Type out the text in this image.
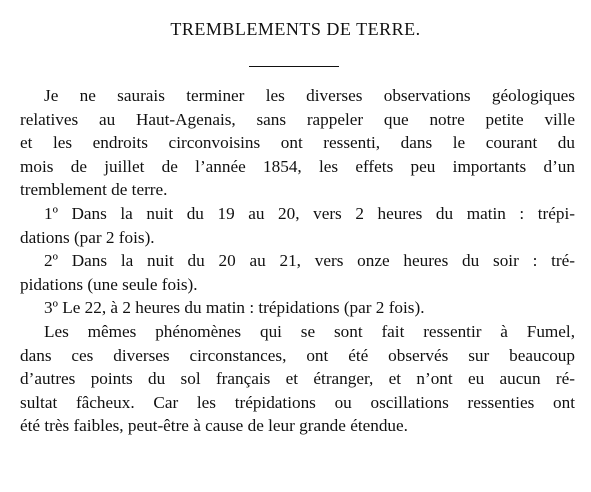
TREMBLEMENTS DE TERRE.
Je ne saurais terminer les diverses observations géologiques
relatives au Haut-Agenais, sans rappeler que notre petite ville
et les endroits circonvoisins ont ressenti, dans le courant du
mois de juillet de l’année 1854, les effets peu importants d’un
tremblement de terre.
1º Dans la nuit du 19 au 20, vers 2 heures du matin : trépi-
dations (par 2 fois).
2º Dans la nuit du 20 au 21, vers onze heures du soir : tré-
pidations (une seule fois).
3º Le 22, à 2 heures du matin : trépidations (par 2 fois).
Les mêmes phénomènes qui se sont fait ressentir à Fumel,
dans ces diverses circonstances, ont été observés sur beaucoup
d’autres points du sol français et étranger, et n’ont eu aucun ré-
sultat fâcheux. Car les trépidations ou oscillations ressenties ont
été très faibles, peut-être à cause de leur grande étendue.
